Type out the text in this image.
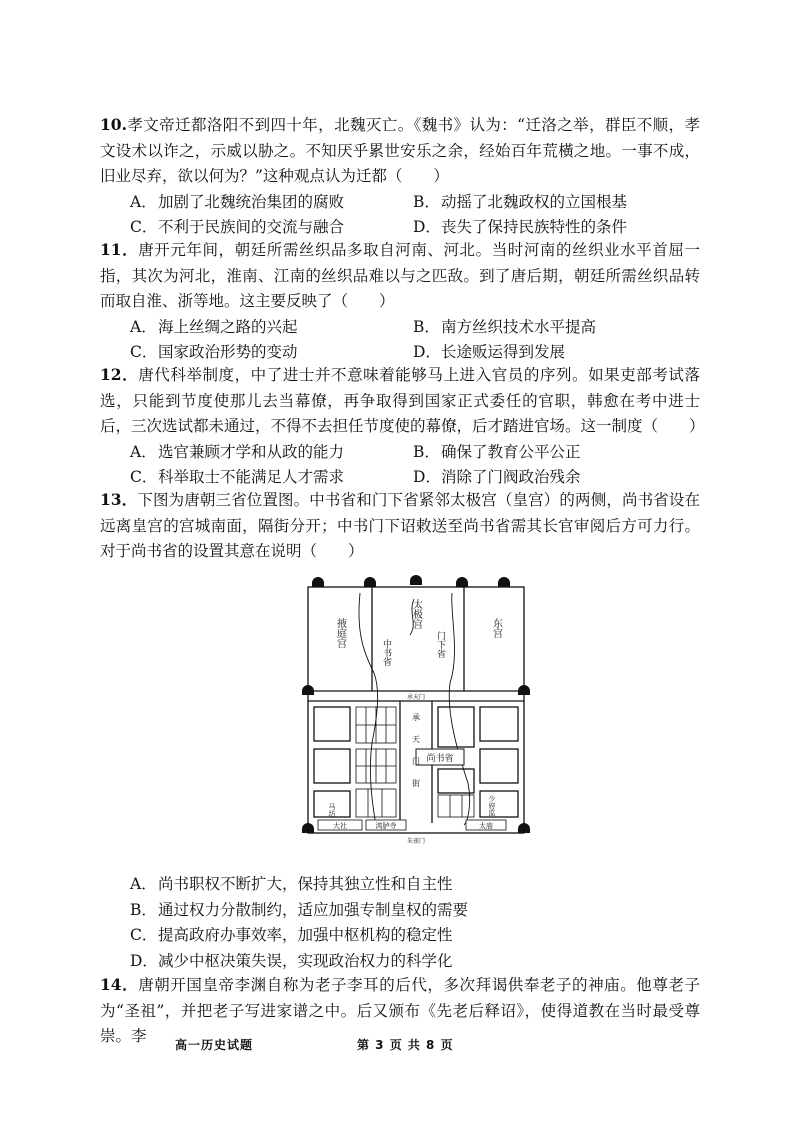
10.孝文帝迁都洛阳不到四十年，北魏灭亡。《魏书》认为：“迁洛之举，群臣不顺，孝文设术以诈之，示威以胁之。不知厌乎累世安乐之余，经始百年荒橫之地。一事不成，旧业尽弃，欲以何为？”这种观点认为迁都（　　）

A．加剧了北魏统治集团的腐败	B．动摇了北魏政权的立国根基
C．不利于民族间的交流与融合	D．丧失了保持民族特性的条件

11．唐开元年间，朝廷所需丝织品多取自河南、河北。当时河南的丝织业水平首屈一指，其次为河北，淮南、江南的丝织品难以与之匹敌。到了唐后期，朝廷所需丝织品转而取自淮、浙等地。这主要反映了（　　）

A．海上丝绸之路的兴起	B．南方丝织技术水平提高
C．国家政治形势的变动	D．长途贩运得到发展

12．唐代科举制度，中了进士并不意味着能够马上进入官员的序列。如果吏部考试落选，只能到节度使那儿去当幕僚，再争取得到国家正式委任的官职，韩愈在考中进士后，三次选试都未通过，不得不去担任节度使的幕僚，后才踏进官场。这一制度（　　）

A．选官兼顾才学和从政的能力	B．确保了教育公平公正
C．科举取士不能满足人才需求	D．消除了门阀政治残余

13．下图为唐朝三省位置图。中书省和门下省紧邻太极宫（皇宫）的两侧，尚书省设在远离皇宫的宫城南面，隔街分开；中书门下诏敕送至尚书省需其长官审阅后方可力行。对于尚书省的设置其意在说明（　　）

掖庭宫
太极宫	东宫
中书省	门下省
承天门
承天门街 尚书省
马坊	少府监
大社	鸿胪寺	太庙
朱雀门
A．尚书职权不断扩大，保持其独立性和自主性
B．通过权力分散制约，适应加强专制皇权的需要
C．提高政府办事效率，加强中枢机构的稳定性
D．减少中枢决策失误，实现政治权力的科学化

14．唐朝开国皇帝李渊自称为老子李耳的后代，多次拜谒供奉老子的神庙。他尊老子为“圣祖”，并把老子写进家谱之中。后又颁布《先老后释诏》，使得道教在当时最受尊崇。李	高一历史试题	第 3 页 共 8 页
